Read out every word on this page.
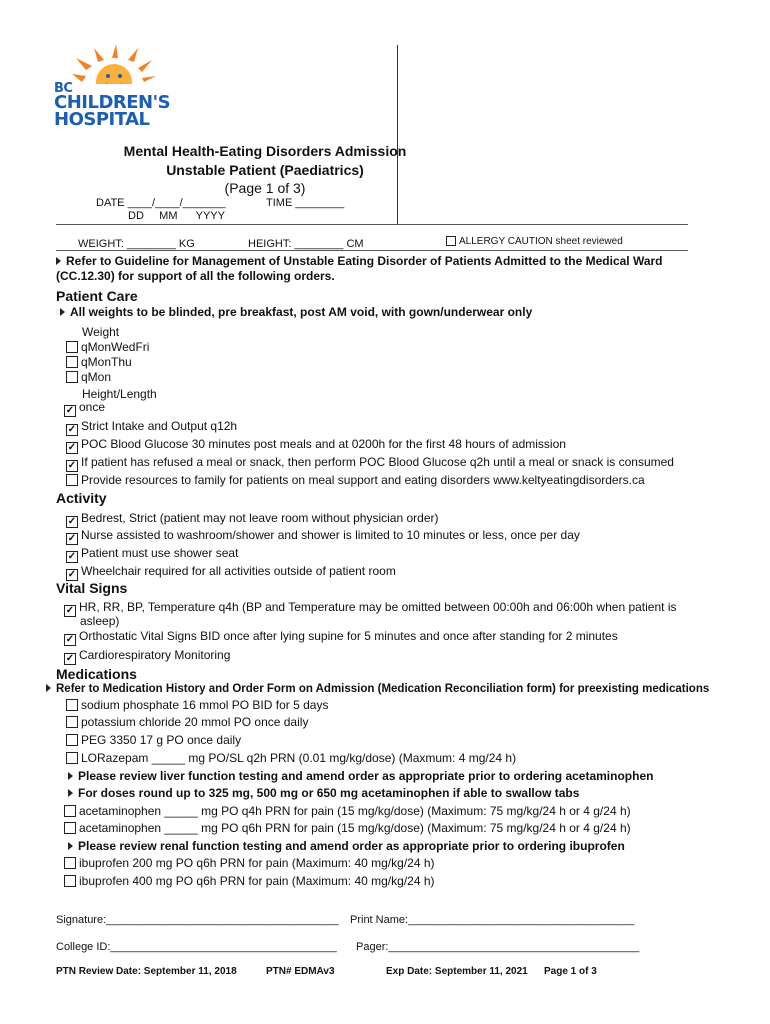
BC
CHILDREN'S
HOSPITAL
Mental Health-Eating Disorders Admission
Unstable Patient (Paediatrics)
(Page 1 of 3)
DATE ____/____/_______	TIME ________
DD     MM      YYYY
WEIGHT: ________ KG	HEIGHT: ________ CM	ALLERGY CAUTION sheet reviewed
Refer to Guideline for Management of Unstable Eating Disorder of Patients Admitted to the Medical Ward
(CC.12.30) for support of all the following orders.
Patient Care
All weights to be blinded, pre breakfast, post AM void, with gown/underwear only
Weight
qMonWedFri
qMonThu
qMon
Height/Length
✓ once
✓ Strict Intake and Output q12h
✓ POC Blood Glucose 30 minutes post meals and at 0200h for the first 48 hours of admission
✓ If patient has refused a meal or snack, then perform POC Blood Glucose q2h until a meal or snack is consumed
Provide resources to family for patients on meal support and eating disorders www.keltyeatingdisorders.ca
Activity
✓ Bedrest, Strict (patient may not leave room without physician order)
✓ Nurse assisted to washroom/shower and shower is limited to 10 minutes or less, once per day
✓ Patient must use shower seat
✓ Wheelchair required for all activities outside of patient room
Vital Signs
✓ HR, RR, BP, Temperature q4h (BP and Temperature may be omitted between 00:00h and 06:00h when patient is
asleep)
✓ Orthostatic Vital Signs BID once after lying supine for 5 minutes and once after standing for 2 minutes
✓ Cardiorespiratory Monitoring
Medications
Refer to Medication History and Order Form on Admission (Medication Reconciliation form) for preexisting medications
sodium phosphate 16 mmol PO BID for 5 days
potassium chloride 20 mmol PO once daily
PEG 3350 17 g PO once daily
LORazepam _____ mg PO/SL q2h PRN (0.01 mg/kg/dose) (Maxmum: 4 mg/24 h)
Please review liver function testing and amend order as appropriate prior to ordering acetaminophen
For doses round up to 325 mg, 500 mg or 650 mg acetaminophen if able to swallow tabs
acetaminophen _____ mg PO q4h PRN for pain (15 mg/kg/dose) (Maximum: 75 mg/kg/24 h or 4 g/24 h)
acetaminophen _____ mg PO q6h PRN for pain (15 mg/kg/dose) (Maximum: 75 mg/kg/24 h or 4 g/24 h)
Please review renal function testing and amend order as appropriate prior to ordering ibuprofen
ibuprofen 200 mg PO q6h PRN for pain (Maximum: 40 mg/kg/24 h)
ibuprofen 400 mg PO q6h PRN for pain (Maximum: 40 mg/kg/24 h)
Signature:______________________________________ Print Name:_____________________________________
College ID:_____________________________________ Pager:_________________________________________
PTN Review Date: September 11, 2018	PTN# EDMAv3	Exp Date: September 11, 2021 Page 1 of 3
